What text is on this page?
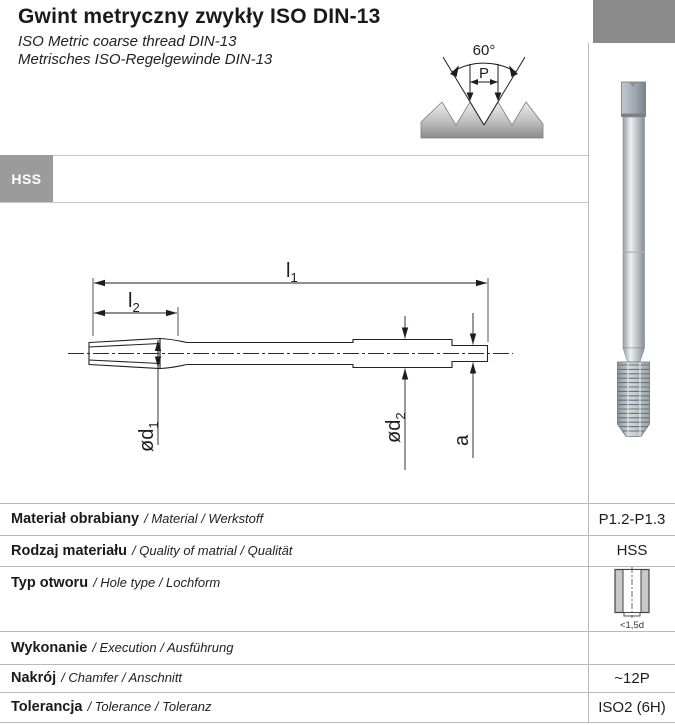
Gwint metryczny zwykły ISO DIN-13
ISO Metric coarse thread DIN-13
Metrisches ISO-Regelgewinde DIN-13
60°
P
HSS
$l_1$
$l_2$
$ød_1$	$ød_2$
a
Materiał obrabiany / Material / Werkstoff	P1.2-P1.3
Rodzaj materiału / Quality of matrial / Qualität	HSS
Typ otworu / Hole type / Lochform
<1,5d
Wykonanie / Execution / Ausführung
Nakrój / Chamfer / Anschnitt	~12P
Tolerancja / Tolerance / Toleranz	ISO2 (6H)
